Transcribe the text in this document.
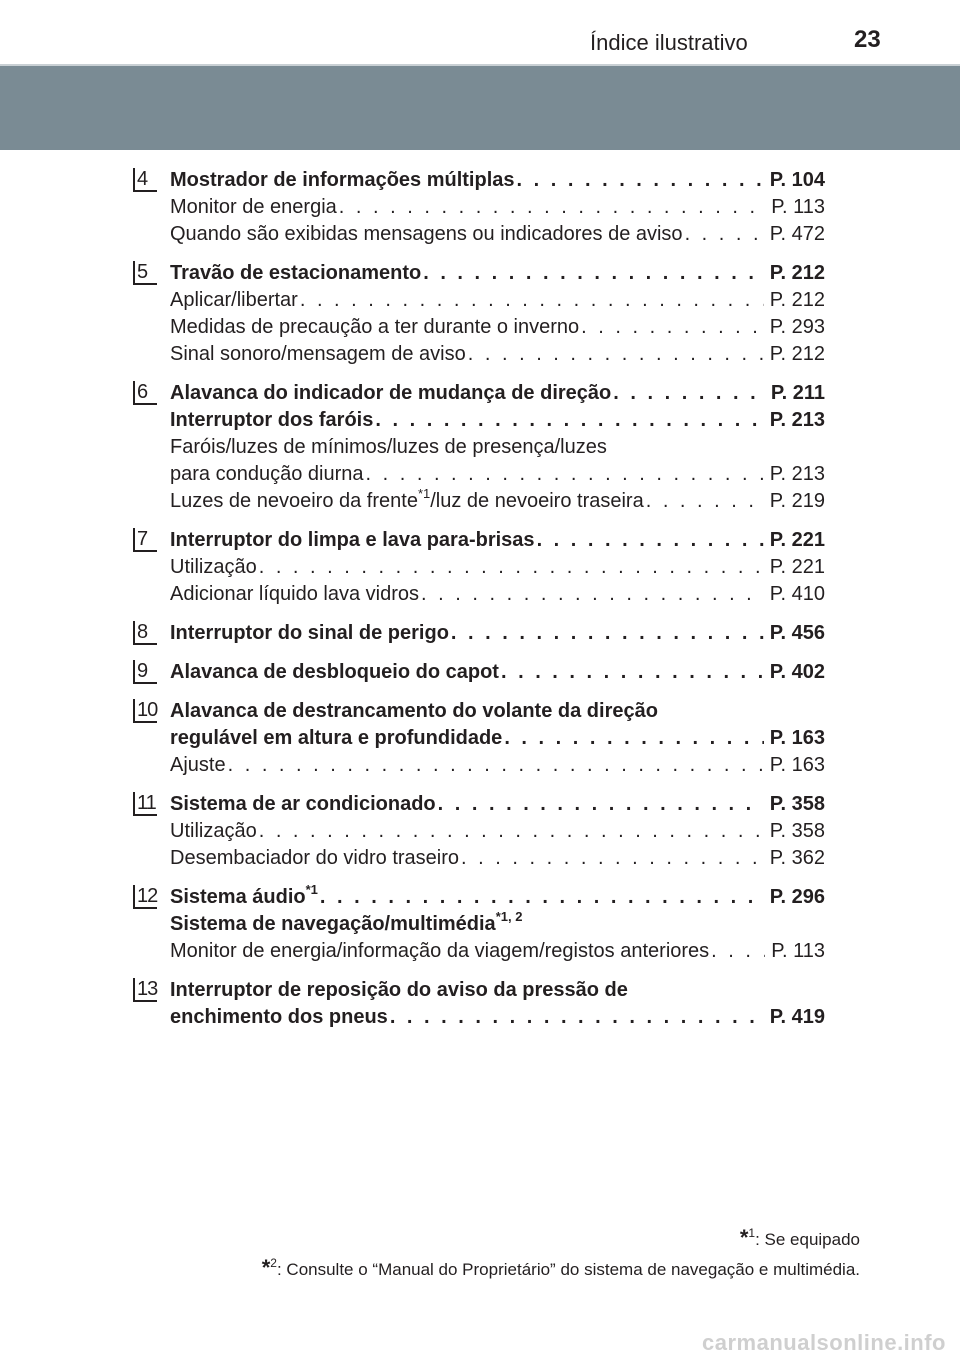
Índice ilustrativo	23
4	Mostrador de informações múltiplas . . .	P. 104
Monitor de energia . . .	P. 113
Quando são exibidas mensagens ou indicadores de aviso . . .	P. 472
5	Travão de estacionamento . . .	P. 212
Aplicar/libertar . . .	P. 212
Medidas de precaução a ter durante o inverno . . .	P. 293
Sinal sonoro/mensagem de aviso . . .	P. 212
6	Alavanca do indicador de mudança de direção . . .	P. 211
Interruptor dos faróis . . .	P. 213
Faróis/luzes de mínimos/luzes de presença/luzes
para condução diurna . . .	P. 213
Luzes de nevoeiro da frente$^{*1}$/luz de nevoeiro traseira . . .	P. 219
7	Interruptor do limpa e lava para-brisas . . .	P. 221
Utilização . . .	P. 221
Adicionar líquido lava vidros . . .	P. 410
8	Interruptor do sinal de perigo . . .	P. 456
9	Alavanca de desbloqueio do capot . . .	P. 402
10 Alavanca de destrancamento do volante da direção
regulável em altura e profundidade . . .	P. 163
Ajuste . . .	P. 163
11 Sistema de ar condicionado . . .	P. 358
Utilização . . .	P. 358
Desembaciador do vidro traseiro . . .	P. 362
12 Sistema áudio$^{*1}$ . . .	P. 296
Sistema de navegação/multimédia$^{*1, 2}$
Monitor de energia/informação da viagem/registos anteriores . . .	P. 113
13 Interruptor de reposição do aviso da pressão de
enchimento dos pneus . . .	P. 419
*$^1$: Se equipado
*$^2$: Consulte o “Manual do Proprietário” do sistema de navegação e multimédia.
carmanualsonline.info
